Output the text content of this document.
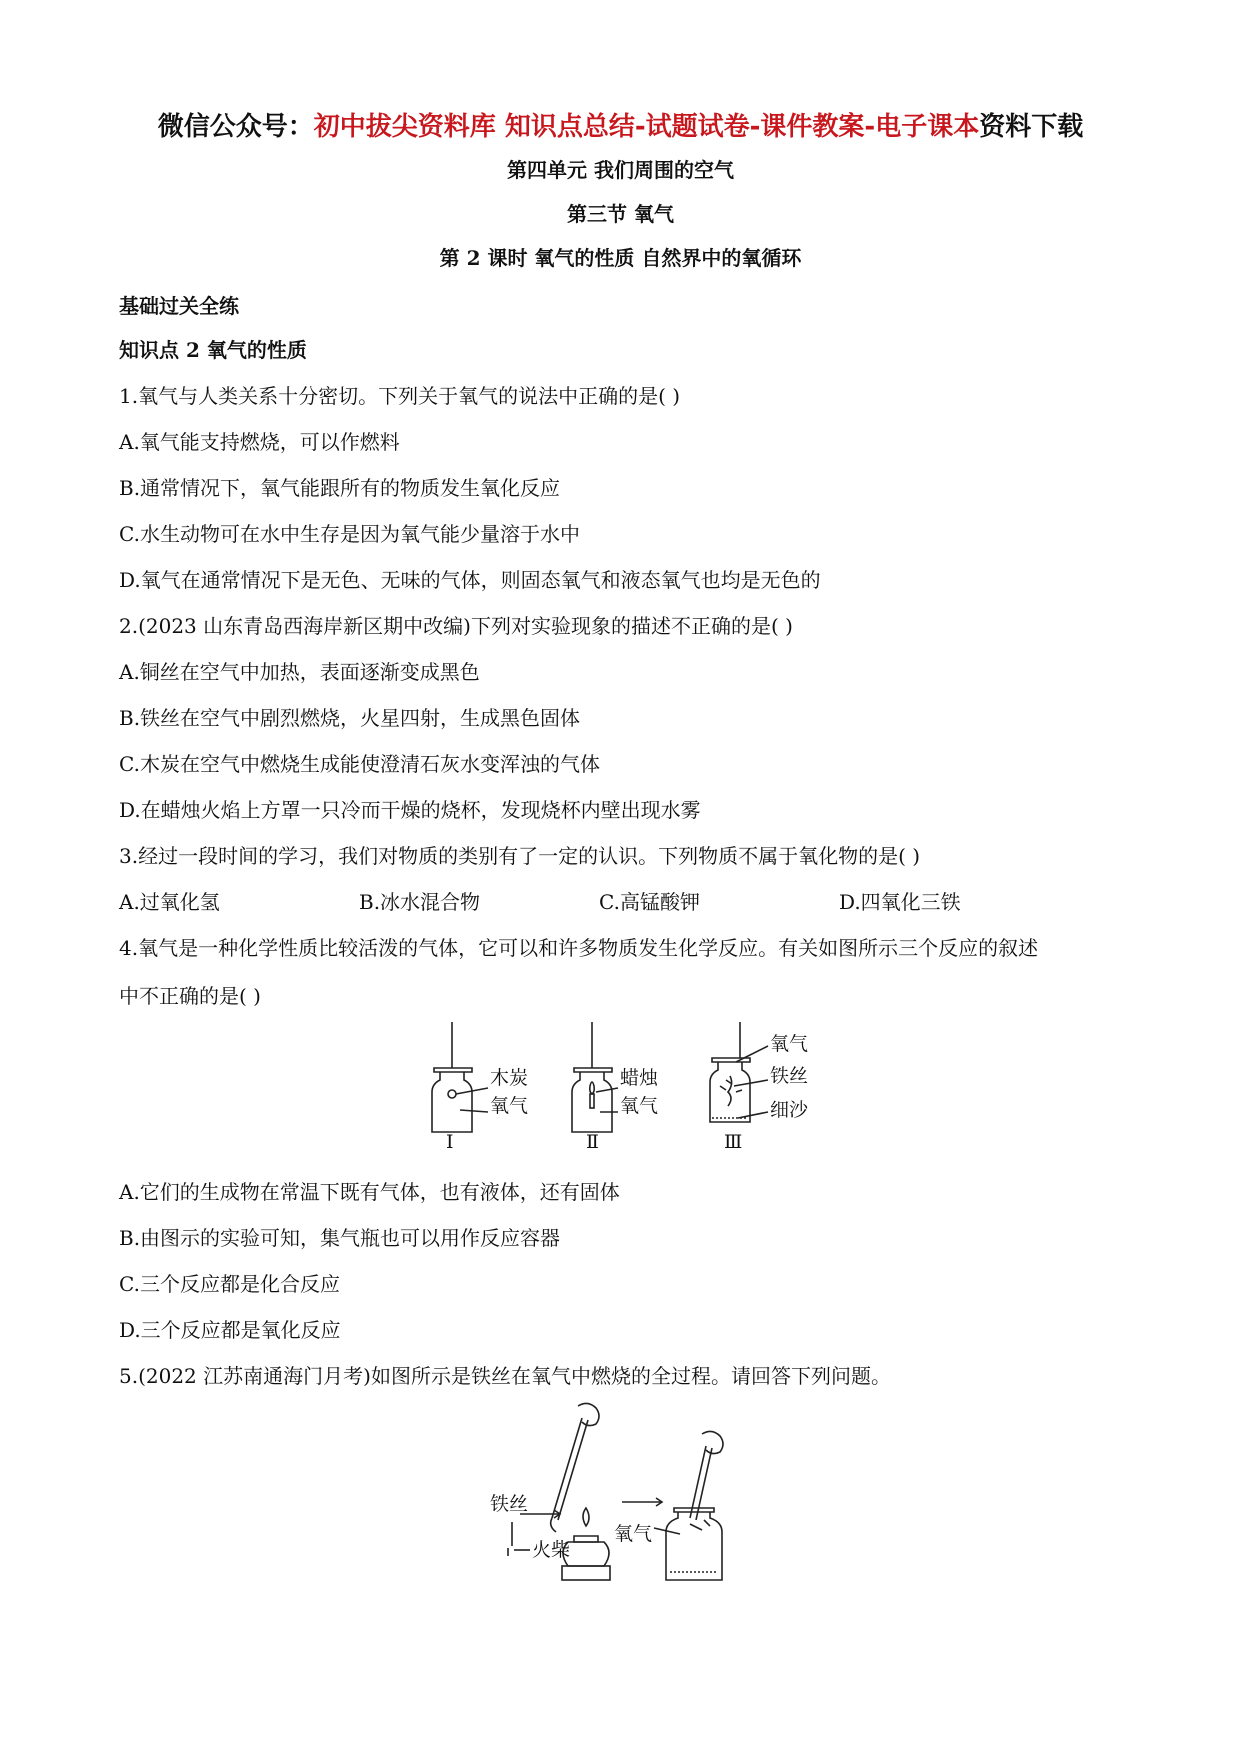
微信公众号：初中拔尖资料库 知识点总结-试题试卷-课件教案-电子课本资料下载
第四单元 我们周围的空气
第三节 氧气
第 2 课时 氧气的性质 自然界中的氧循环
基础过关全练
知识点 2 氧气的性质
1.氧气与人类关系十分密切。下列关于氧气的说法中正确的是( )
A.氧气能支持燃烧，可以作燃料
B.通常情况下，氧气能跟所有的物质发生氧化反应
C.水生动物可在水中生存是因为氧气能少量溶于水中
D.氧气在通常情况下是无色、无味的气体，则固态氧气和液态氧气也均是无色的
2.(2023 山东青岛西海岸新区期中改编)下列对实验现象的描述不正确的是( )
A.铜丝在空气中加热，表面逐渐变成黑色
B.铁丝在空气中剧烈燃烧，火星四射，生成黑色固体
C.木炭在空气中燃烧生成能使澄清石灰水变浑浊的气体
D.在蜡烛火焰上方罩一只冷而干燥的烧杯，发现烧杯内壁出现水雾
3.经过一段时间的学习，我们对物质的类别有了一定的认识。下列物质不属于氧化物的是( )
A.过氧化氢	B.冰水混合物	C.高锰酸钾	D.四氧化三铁
4.氧气是一种化学性质比较活泼的气体，它可以和许多物质发生化学反应。有关如图所示三个反应的叙述
中不正确的是( )
木炭
氧气
Ⅰ
蜡烛
氧气
Ⅱ
氧气
铁丝
细沙
Ⅲ
A.它们的生成物在常温下既有气体，也有液体，还有固体
B.由图示的实验可知，集气瓶也可以用作反应容器
C.三个反应都是化合反应
D.三个反应都是氧化反应
5.(2022 江苏南通海门月考)如图所示是铁丝在氧气中燃烧的全过程。请回答下列问题。
铁丝
火柴
氧气
